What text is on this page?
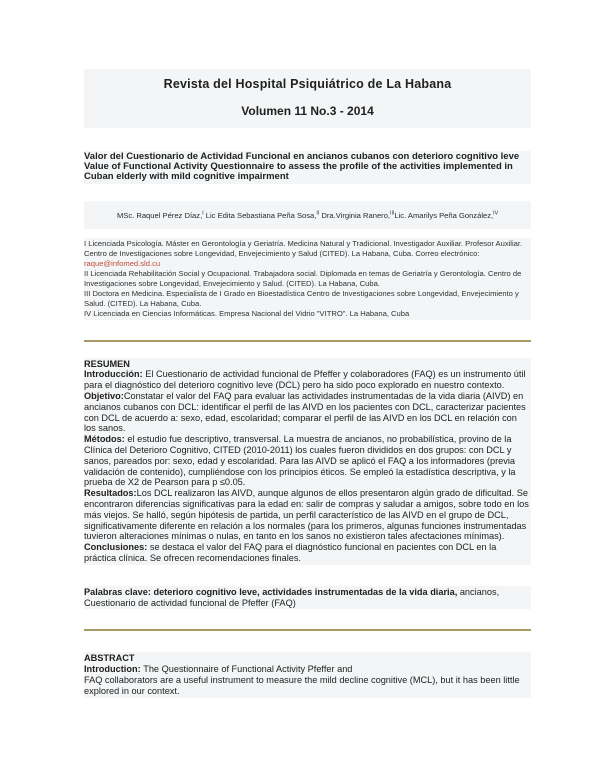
Revista del Hospital Psiquiátrico de La Habana
Volumen 11 No.3 - 2014
Valor del Cuestionario de Actividad Funcional en ancianos cubanos con deterioro cognitivo leve
Value of Functional Activity Questionnaire to assess the profile of the activities implemented in Cuban elderly with mild cognitive impairment
MSc. Raquel Pérez Díaz,$^I$ Lic Edita Sebastiana Peña Sosa,$^{II}$ Dra.Virginia Ranero,$^{III}$Lic. Amarilys Peña González,$^{IV}$
I Licenciada Psicología. Máster en Gerontología y Geriatría. Medicina Natural y Tradicional. Investigador Auxiliar. Profesor Auxiliar. Centro de Investigaciones sobre Longevidad, Envejecimiento y Salud (CITED). La Habana, Cuba. Correo electrónico: raque@infomed.sld.cu
II Licenciada Rehabilitación Social y Ocupacional. Trabajadora social. Diplomada en temas de Geriatría y Gerontología. Centro de Investigaciones sobre Longevidad, Envejecimiento y Salud. (CITED). La Habana, Cuba.
III Doctora en Medicina. Especialista de I Grado en Bioestadística Centro de Investigaciones sobre Longevidad, Envejecimiento y Salud. (CITED). La Habana, Cuba.
IV Licenciada en Ciencias Informáticas. Empresa Nacional del Vidrio "VITRO". La Habana, Cuba
RESUMEN

Introducción: El Cuestionario de actividad funcional de Pfeffer y colaboradores (FAQ) es un instrumento útil para el diagnóstico del deterioro cognitivo leve (DCL) pero ha sido poco explorado en nuestro contexto.

Objetivo:Constatar el valor del FAQ para evaluar las actividades instrumentadas de la vida diaria (AIVD) en ancianos cubanos con DCL: identificar el perfil de las AIVD en los pacientes con DCL, caracterizar pacientes con DCL de acuerdo a: sexo, edad, escolaridad; comparar el perfil de las AIVD en los DCL en relación con los sanos.

Métodos: el estudio fue descriptivo, transversal. La muestra de ancianos, no probabilística, provino de la Clínica del Deterioro Cognitivo, CITED (2010-2011) los cuales fueron divididos en dos grupos: con DCL y sanos, pareados por: sexo, edad y escolaridad. Para las AIVD se aplicó el FAQ a los informadores (previa validación de contenido), cumpliéndose con los principios éticos. Se empleó la estadística descriptiva, y la prueba de X2 de Pearson para p ≤0.05.

Resultados:Los DCL realizaron las AIVD, aunque algunos de ellos presentaron algún grado de dificultad. Se encontraron diferencias significativas para la edad en: salir de compras y saludar a amigos, sobre todo en los más viejos. Se halló, según hipótesis de partida, un perfil característico de las AIVD en el grupo de DCL, significativamente diferente en relación a los normales (para los primeros, algunas funciones instrumentadas tuvieron alteraciones mínimas o nulas, en tanto en los sanos no existieron tales afectaciones mínimas).

Conclusiones: se destaca el valor del FAQ para el diagnóstico funcional en pacientes con DCL en la práctica clínica. Se ofrecen recomendaciones finales.

Palabras clave: deterioro cognitivo leve, actividades instrumentadas de la vida diaria, ancianos, Cuestionario de actividad funcional de Pfeffer (FAQ)
ABSTRACT

Introduction: The Questionnaire of Functional Activity Pfeffer and
FAQ collaborators are a useful instrument to measure the mild decline cognitive (MCL), but it has been little explored in our context.
